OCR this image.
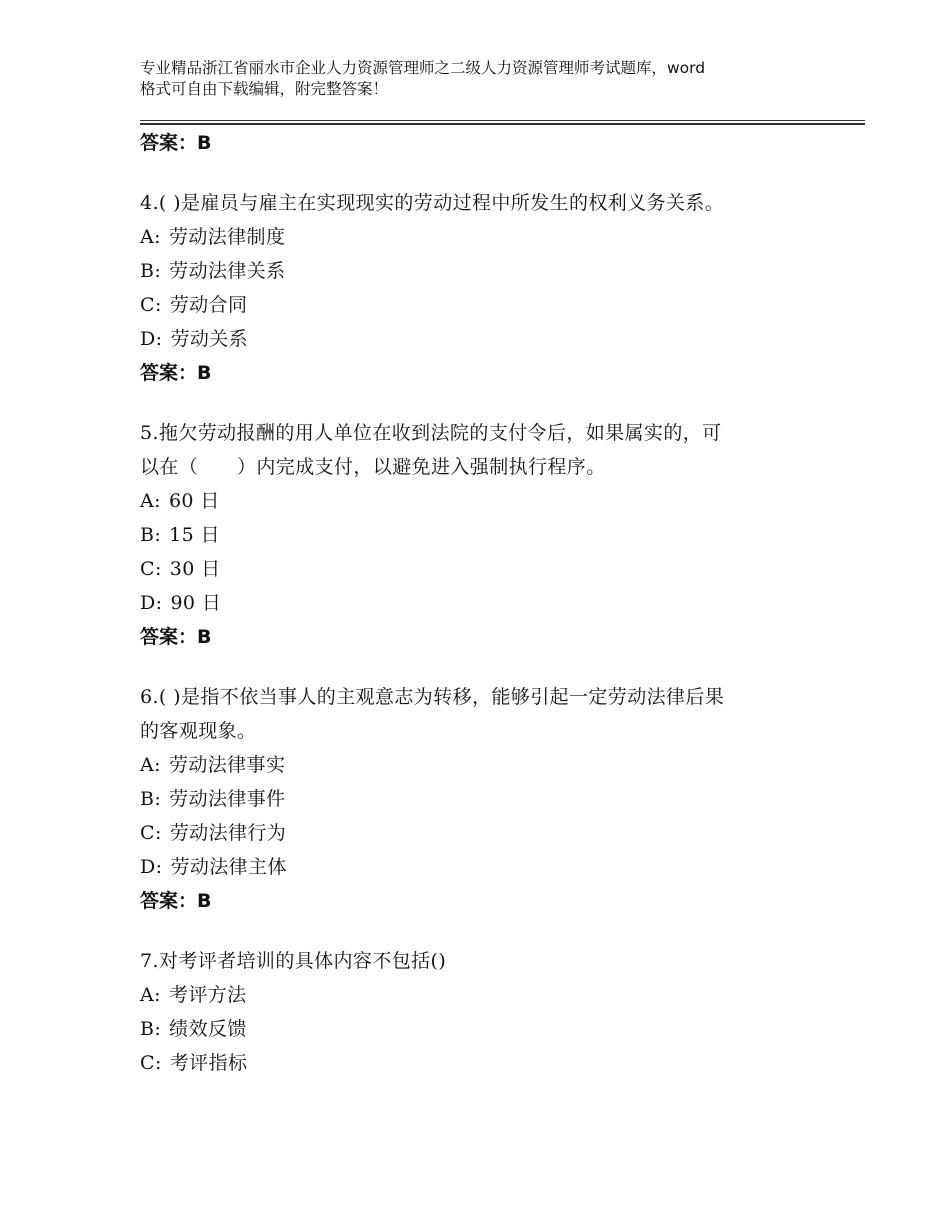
专业精品浙江省丽水市企业人力资源管理师之二级人力资源管理师考试题库，word
格式可自由下载编辑，附完整答案！
答案：B
4.( )是雇员与雇主在实现现实的劳动过程中所发生的权利义务关系。
A: 劳动法律制度
B: 劳动法律关系
C: 劳动合同
D: 劳动关系
答案：B
5.拖欠劳动报酬的用人单位在收到法院的支付令后，如果属实的，可
以在（　　）内完成支付，以避免进入强制执行程序。
A: 60 日
B: 15 日
C: 30 日
D: 90 日
答案：B
6.( )是指不依当事人的主观意志为转移，能够引起一定劳动法律后果
的客观现象。
A: 劳动法律事实
B: 劳动法律事件
C: 劳动法律行为
D: 劳动法律主体
答案：B
7.对考评者培训的具体内容不包括()
A: 考评方法
B: 绩效反馈
C: 考评指标
